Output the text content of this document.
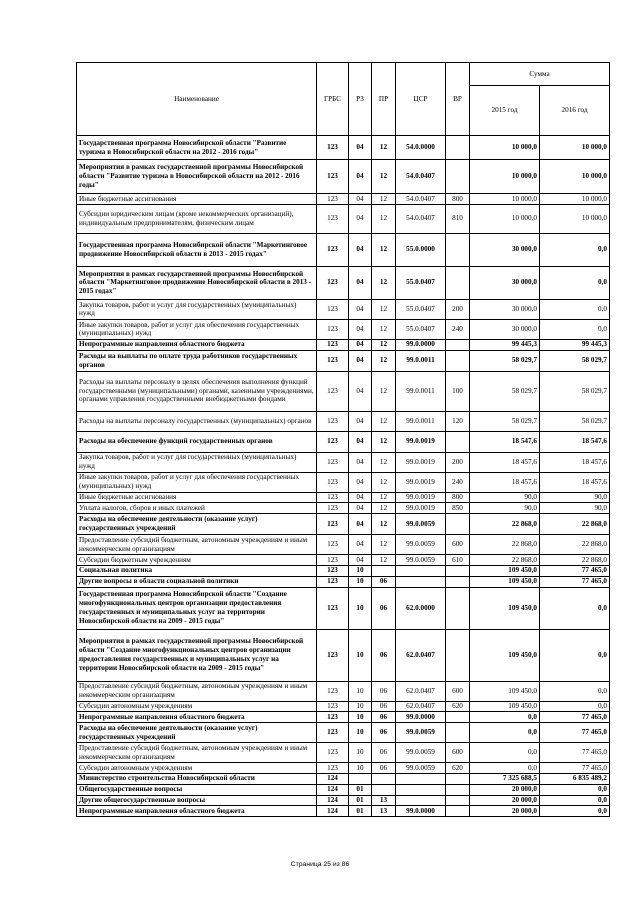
Наименование	ГРБС	РЗ	ПР	ЦСР	ВР	Сумма	
						2015 год	2016 год
Государственная программа Новосибирской области "Развитие туризма в Новосибирской области на 2012 - 2016 годы"	123	04	12	54.0.0000		10 000,0	10 000,0
Мероприятия в рамках государственной программы Новосибирской области "Развитие туризма в Новосибирской области на 2012 - 2016 годы"	123	04	12	54.0.0407		10 000,0	10 000,0
Иные бюджетные ассигнования	123	04	12	54.0.0407	800	10 000,0	10 000,0
Субсидии юридическим лицам (кроме некоммерческих организаций), индивидуальным предпринимателям, физическим лицам	123	04	12	54.0.0407	810	10 000,0	10 000,0
Государственная программа Новосибирской области "Маркетинговое продвижение Новосибирской области в 2013 - 2015 годах"	123	04	12	55.0.0000		30 000,0	0,0
Мероприятия в рамках государственной программы Новосибирской области "Маркетинговое продвижение Новосибирской области в 2013 - 2015 годах"	123	04	12	55.0.0407		30 000,0	0,0
Закупка товаров, работ и услуг для государственных (муниципальных) нужд	123	04	12	55.0.0407	200	30 000,0	0,0
Иные закупки товаров, работ и услуг для обеспечения государственных (муниципальных) нужд	123	04	12	55.0.0407	240	30 000,0	0,0
Непрограммные направления областного бюджета	123	04	12	99.0.0000		99 445,3	99 445,3
Расходы на выплаты по оплате труда работников государственных органов	123	04	12	99.0.0011		58 029,7	58 029,7
Расходы на выплаты персоналу в целях обеспечения выполнения функций государственными (муниципальными) органами, казенными учреждениями, органами управления государственными внебюджетными фондами	123	04	12	99.0.0011	100	58 029,7	58 029,7
Расходы на выплаты персоналу государственных (муниципальных) органов	123	04	12	99.0.0011	120	58 029,7	58 029,7
Расходы на обеспечение функций государственных органов	123	04	12	99.0.0019		18 547,6	18 547,6
Закупка товаров, работ и услуг для государственных (муниципальных) нужд	123	04	12	99.0.0019	200	18 457,6	18 457,6
Иные закупки товаров, работ и услуг для обеспечения государственных (муниципальных) нужд	123	04	12	99.0.0019	240	18 457,6	18 457,6
Иные бюджетные ассигнования	123	04	12	99.0.0019	800	90,0	90,0
Уплата налогов, сборов и иных платежей	123	04	12	99.0.0019	850	90,0	90,0
Расходы на обеспечение деятельности (оказание услуг) государственных учреждений	123	04	12	99.0.0059		22 868,0	22 868,0
Предоставление субсидий бюджетным, автономным учреждениям и иным некоммерческим организациям	123	04	12	99.0.0059	600	22 868,0	22 868,0
Субсидии бюджетным учреждениям	123	04	12	99.0.0059	610	22 868,0	22 868,0
Социальная политика	123	10				109 450,0	77 465,0
Другие вопросы в области социальной политики	123	10	06			109 450,0	77 465,0
Государственная программа Новосибирской области "Создание многофункциональных центров организации предоставления государственных и муниципальных услуг на территории Новосибирской области на 2009 - 2015 годы"	123	10	06	62.0.0000		109 450,0	0,0
Мероприятия в рамках государственной программы Новосибирской области "Создание многофункциональных центров организации предоставления государственных и муниципальных услуг на территории Новосибирской области на 2009 - 2015 годы"	123	10	06	62.0.0407		109 450,0	0,0
Предоставление субсидий бюджетным, автономным учреждениям и иным некоммерческим организациям	123	10	06	62.0.0407	600	109 450,0	0,0
Субсидии автономным учреждениям	123	10	06	62.0.0407	620	109 450,0	0,0
Непрограммные направления областного бюджета	123	10	06	99.0.0000		0,0	77 465,0
Расходы на обеспечение деятельности (оказание услуг) государственных учреждений	123	10	06	99.0.0059		0,0	77 465,0
Предоставление субсидий бюджетным, автономным учреждениям и иным некоммерческим организациям	123	10	06	99.0.0059	600	0,0	77 465,0
Субсидии автономным учреждениям	123	10	06	99.0.0059	620	0,0	77 465,0
Министерство строительства Новосибирской области	124					7 325 688,5	6 835 489,2
Общегосударственные вопросы	124	01				20 000,0	0,0
Другие общегосударственные вопросы	124	01	13			20 000,0	0,0
Непрограммные направления областного бюджета	124	01	13	99.0.0000		20 000,0	0,0
Страница 25 из 86
